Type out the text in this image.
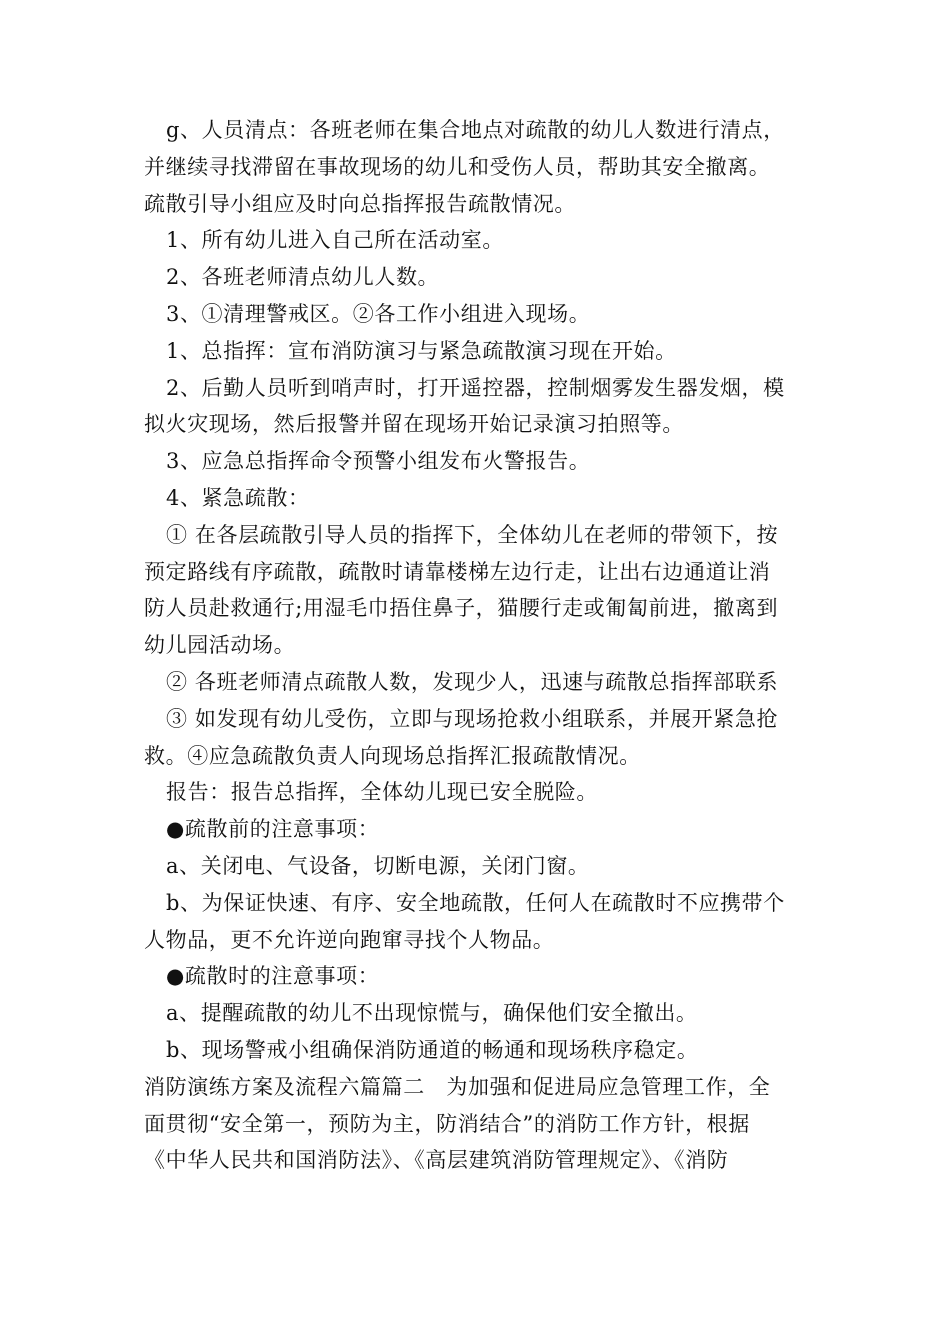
g、人员清点：各班老师在集合地点对疏散的幼儿人数进行清点，
并继续寻找滞留在事故现场的幼儿和受伤人员，帮助其安全撤离。
疏散引导小组应及时向总指挥报告疏散情况。
1、所有幼儿进入自己所在活动室。
2、各班老师清点幼儿人数。
3、①清理警戒区。②各工作小组进入现场。
1、总指挥：宣布消防演习与紧急疏散演习现在开始。
2、后勤人员听到哨声时，打开遥控器，控制烟雾发生器发烟，模
拟火灾现场，然后报警并留在现场开始记录演习拍照等。
3、应急总指挥命令预警小组发布火警报告。
4、紧急疏散：
① 在各层疏散引导人员的指挥下，全体幼儿在老师的带领下，按
预定路线有序疏散，疏散时请靠楼梯左边行走，让出右边通道让消
防人员赴救通行;用湿毛巾捂住鼻子，猫腰行走或匍匐前进，撤离到
幼儿园活动场。
② 各班老师清点疏散人数，发现少人，迅速与疏散总指挥部联系
③ 如发现有幼儿受伤，立即与现场抢救小组联系，并展开紧急抢
救。④应急疏散负责人向现场总指挥汇报疏散情况。
报告：报告总指挥，全体幼儿现已安全脱险。
●疏散前的注意事项：
a、关闭电、气设备，切断电源，关闭门窗。
b、为保证快速、有序、安全地疏散，任何人在疏散时不应携带个
人物品，更不允许逆向跑窜寻找个人物品。
●疏散时的注意事项：
a、提醒疏散的幼儿不出现惊慌与，确保他们安全撤出。
b、现场警戒小组确保消防通道的畅通和现场秩序稳定。
消防演练方案及流程六篇篇二　为加强和促进局应急管理工作，全
面贯彻“安全第一，预防为主，防消结合”的消防工作方针，根据
《中华人民共和国消防法》、《高层建筑消防管理规定》、《消防
